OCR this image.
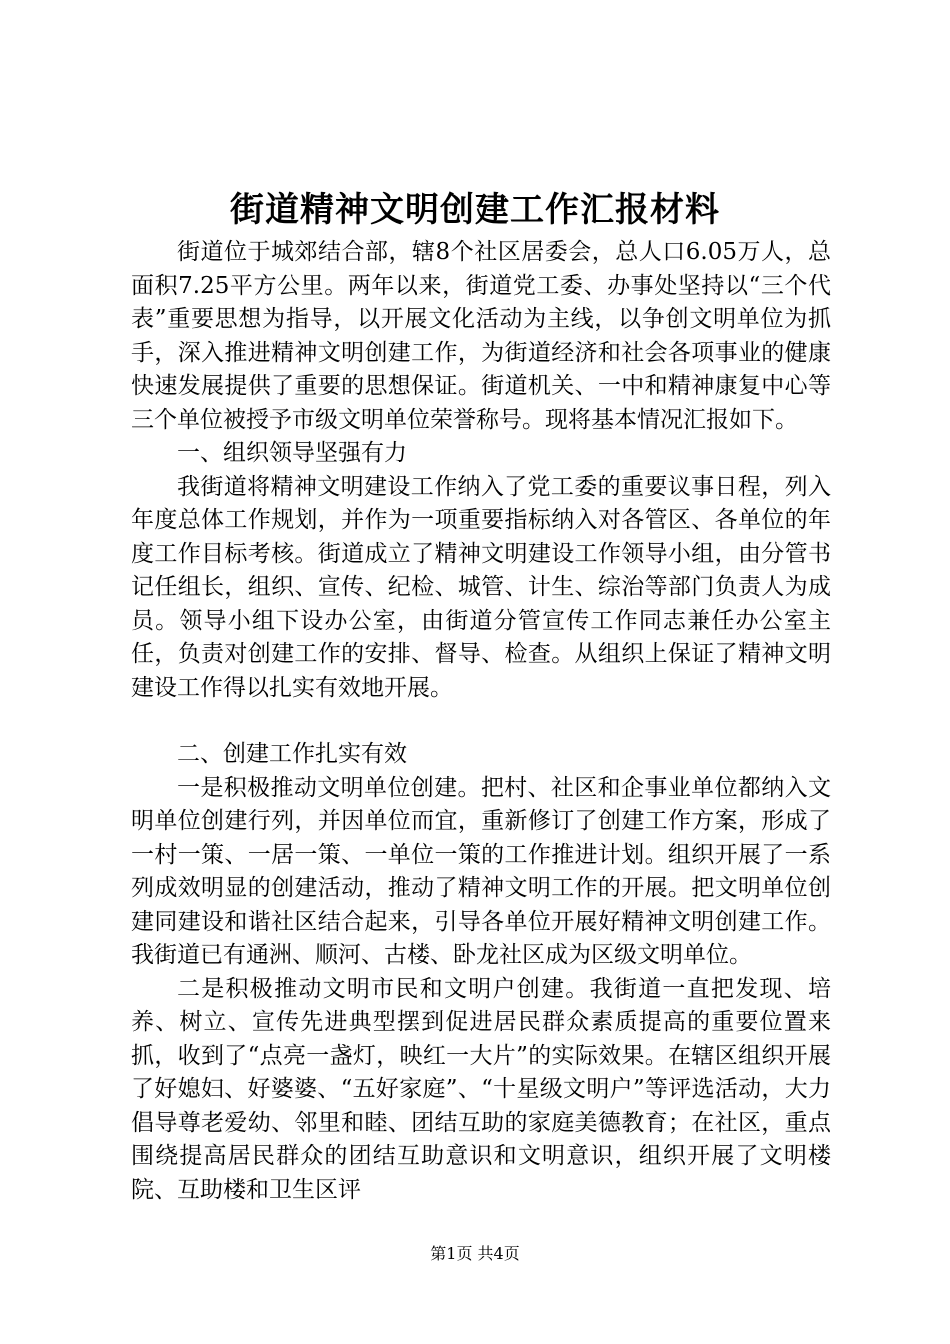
街道精神文明创建工作汇报材料

街道位于城郊结合部，辖8个社区居委会，总人口6.05万人，总面积7.25平方公里。两年以来，街道党工委、办事处坚持以“三个代表”重要思想为指导，以开展文化活动为主线，以争创文明单位为抓手，深入推进精神文明创建工作，为街道经济和社会各项事业的健康快速发展提供了重要的思想保证。街道机关、一中和精神康复中心等三个单位被授予市级文明单位荣誉称号。现将基本情况汇报如下。

一、组织领导坚强有力

我街道将精神文明建设工作纳入了党工委的重要议事日程，列入年度总体工作规划，并作为一项重要指标纳入对各管区、各单位的年度工作目标考核。街道成立了精神文明建设工作领导小组，由分管书记任组长，组织、宣传、纪检、城管、计生、综治等部门负责人为成员。领导小组下设办公室，由街道分管宣传工作同志兼任办公室主任，负责对创建工作的安排、督导、检查。从组织上保证了精神文明建设工作得以扎实有效地开展。

二、创建工作扎实有效

一是积极推动文明单位创建。把村、社区和企事业单位都纳入文明单位创建行列，并因单位而宜，重新修订了创建工作方案，形成了一村一策、一居一策、一单位一策的工作推进计划。组织开展了一系列成效明显的创建活动，推动了精神文明工作的开展。把文明单位创建同建设和谐社区结合起来，引导各单位开展好精神文明创建工作。我街道已有通洲、顺河、古楼、卧龙社区成为区级文明单位。

二是积极推动文明市民和文明户创建。我街道一直把发现、培养、树立、宣传先进典型摆到促进居民群众素质提高的重要位置来抓，收到了“点亮一盏灯，映红一大片”的实际效果。在辖区组织开展了好媳妇、好婆婆、“五好家庭”、“十星级文明户”等评选活动，大力倡导尊老爱幼、邻里和睦、团结互助的家庭美德教育；在社区，重点围绕提高居民群众的团结互助意识和文明意识，组织开展了文明楼院、互助楼和卫生区评

第1页 共4页
